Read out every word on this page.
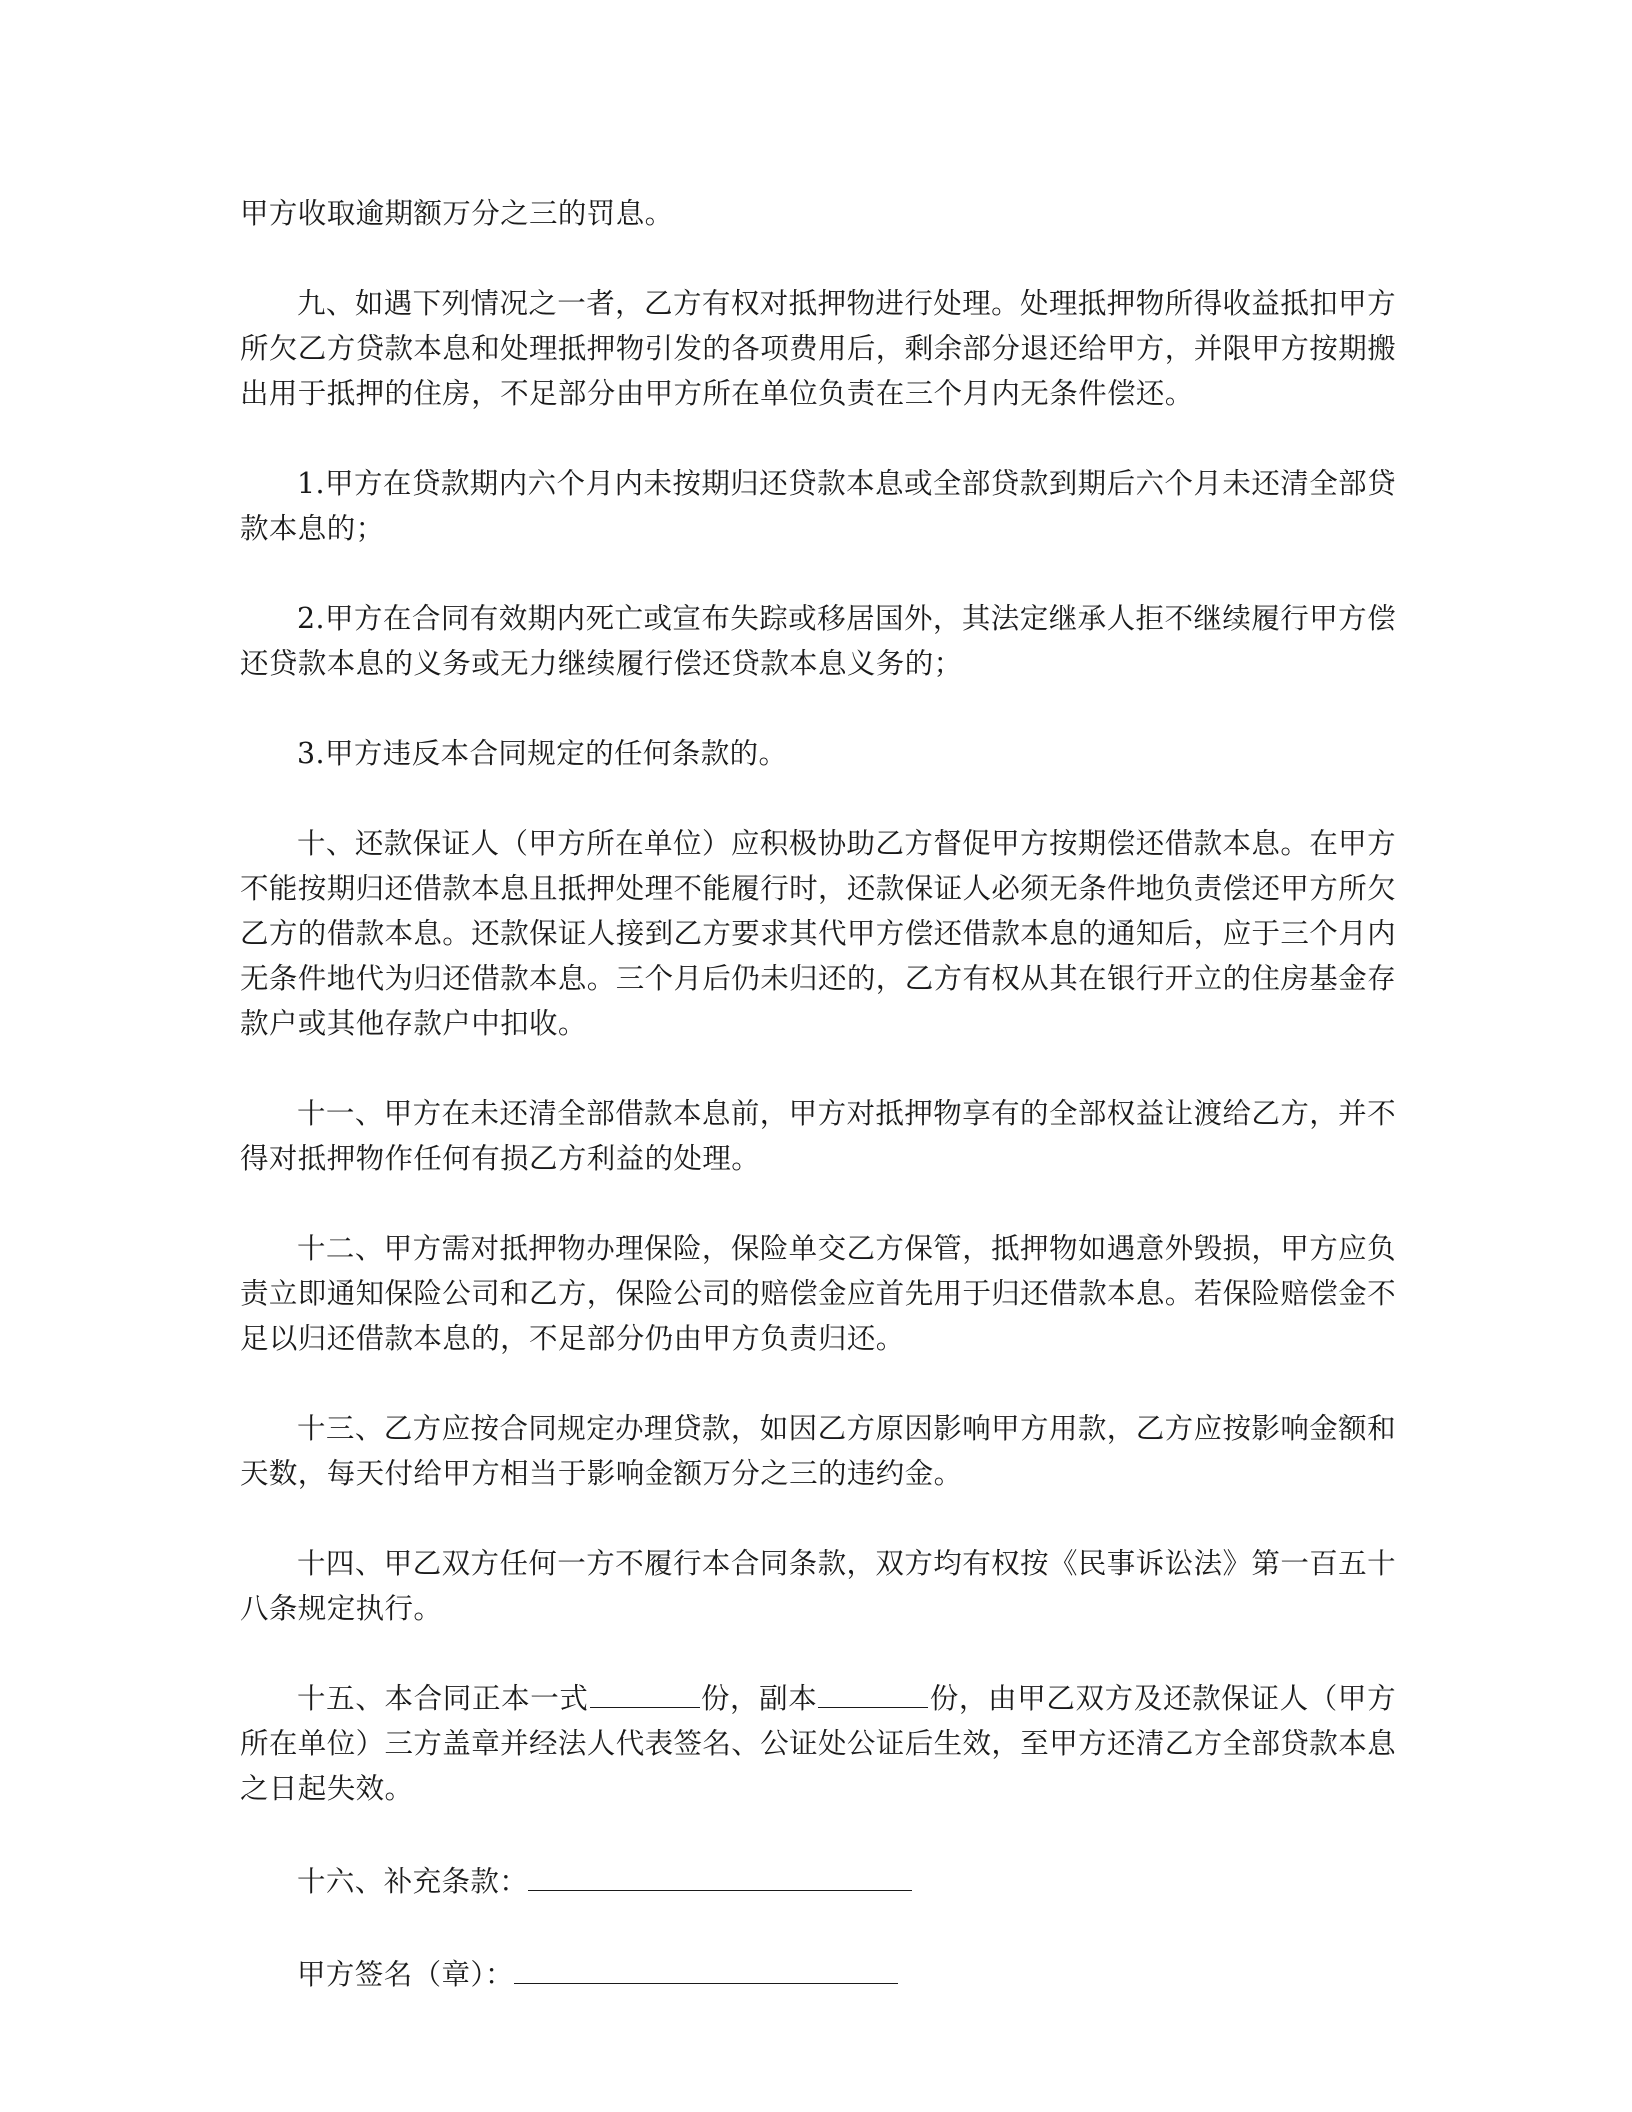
甲方收取逾期额万分之三的罚息。

九、如遇下列情况之一者，乙方有权对抵押物进行处理。处理抵押物所得收益抵扣甲方所欠乙方贷款本息和处理抵押物引发的各项费用后，剩余部分退还给甲方，并限甲方按期搬出用于抵押的住房，不足部分由甲方所在单位负责在三个月内无条件偿还。

1.甲方在贷款期内六个月内未按期归还贷款本息或全部贷款到期后六个月未还清全部贷款本息的；

2.甲方在合同有效期内死亡或宣布失踪或移居国外，其法定继承人拒不继续履行甲方偿还贷款本息的义务或无力继续履行偿还贷款本息义务的；

3.甲方违反本合同规定的任何条款的。

十、还款保证人（甲方所在单位）应积极协助乙方督促甲方按期偿还借款本息。在甲方不能按期归还借款本息且抵押处理不能履行时，还款保证人必须无条件地负责偿还甲方所欠乙方的借款本息。还款保证人接到乙方要求其代甲方偿还借款本息的通知后，应于三个月内无条件地代为归还借款本息。三个月后仍未归还的，乙方有权从其在银行开立的住房基金存款户或其他存款户中扣收。

十一、甲方在未还清全部借款本息前，甲方对抵押物享有的全部权益让渡给乙方，并不得对抵押物作任何有损乙方利益的处理。

十二、甲方需对抵押物办理保险，保险单交乙方保管，抵押物如遇意外毁损，甲方应负责立即通知保险公司和乙方，保险公司的赔偿金应首先用于归还借款本息。若保险赔偿金不足以归还借款本息的，不足部分仍由甲方负责归还。

十三、乙方应按合同规定办理贷款，如因乙方原因影响甲方用款，乙方应按影响金额和天数，每天付给甲方相当于影响金额万分之三的违约金。

十四、甲乙双方任何一方不履行本合同条款，双方均有权按《民事诉讼法》第一百五十八条规定执行。

十五、本合同正本一式	份，副本	份，由甲乙双方及还款保证人（甲方所在单位）三方盖章并经法人代表签名、公证处公证后生效，至甲方还清乙方全部贷款本息之日起失效。

十六、补充条款：
甲方签名（章）：
